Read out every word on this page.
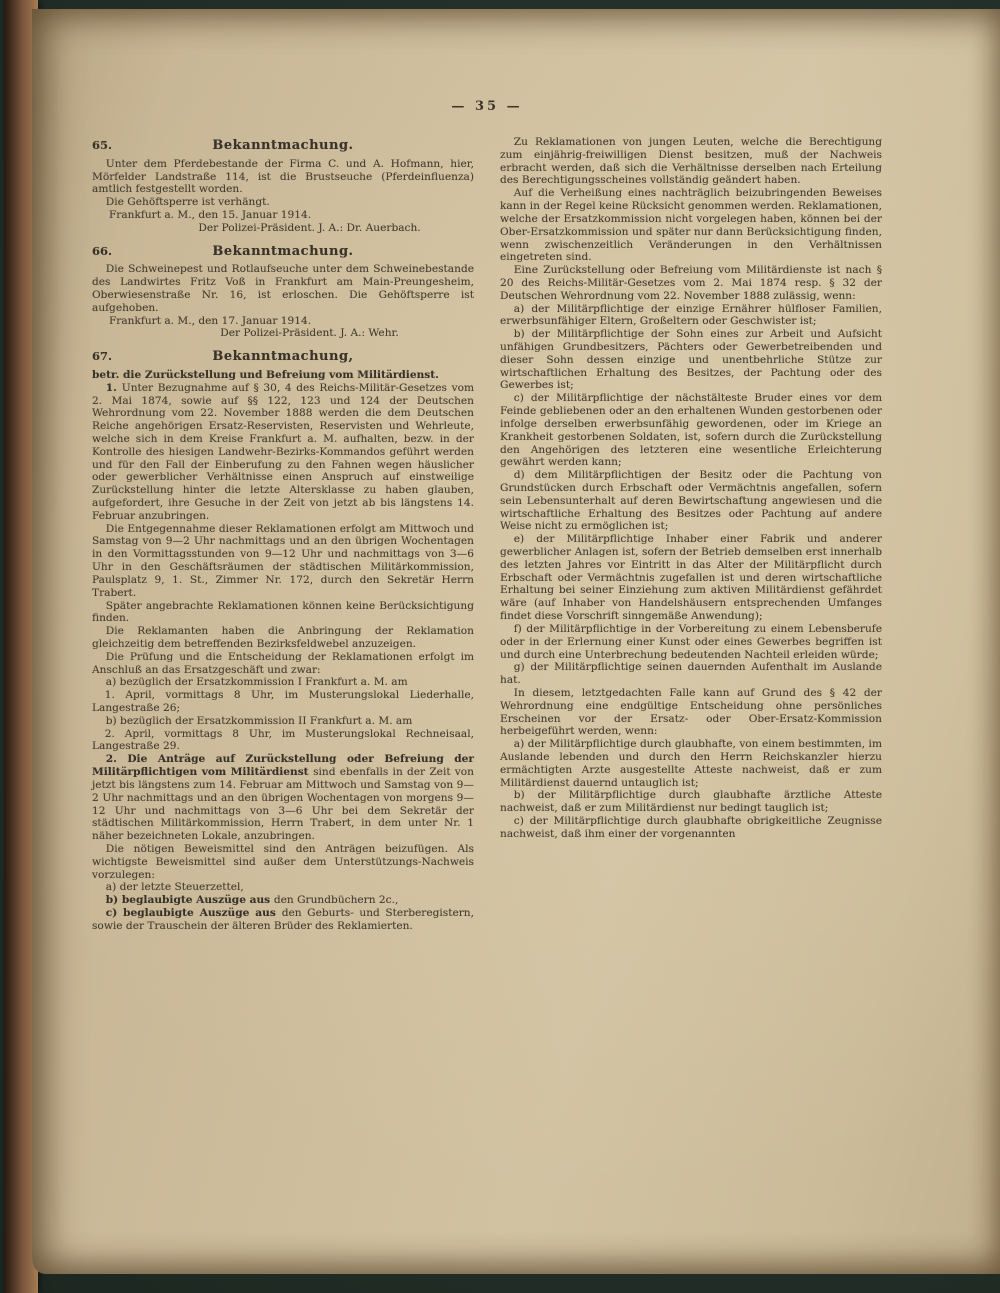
— 35 —
65.	Bekanntmachung.

Unter dem Pferdebestande der Firma C. und A. Hofmann, hier, Mörfelder Landstraße 114, ist die Brustseuche (Pferdeinfluenza) amtlich festgestellt worden.

Die Gehöftsperre ist verhängt.

Frankfurt a. M., den 15. Januar 1914.

Der Polizei-Präsident. J. A.: Dr. Auerbach.

66.	Bekanntmachung.

Die Schweinepest und Rotlaufseuche unter dem Schweinebestande des Landwirtes Fritz Voß in Frankfurt am Main-Preungesheim, Oberwiesenstraße Nr. 16, ist erloschen. Die Gehöftsperre ist aufgehoben.

Frankfurt a. M., den 17. Januar 1914.

Der Polizei-Präsident. J. A.: Wehr.

67.	Bekanntmachung,

betr. die Zurückstellung und Befreiung vom Militärdienst.

1. Unter Bezugnahme auf § 30, 4 des Reichs-Militär-Gesetzes vom 2. Mai 1874, sowie auf §§ 122, 123 und 124 der Deutschen Wehrordnung vom 22. November 1888 werden die dem Deutschen Reiche angehörigen Ersatz-Reservisten, Reservisten und Wehrleute, welche sich in dem Kreise Frankfurt a. M. aufhalten, bezw. in der Kontrolle des hiesigen Landwehr-Bezirks-Kommandos geführt werden und für den Fall der Einberufung zu den Fahnen wegen häuslicher oder gewerblicher Verhältnisse einen Anspruch auf einstweilige Zurückstellung hinter die letzte Altersklasse zu haben glauben, aufgefordert, ihre Gesuche in der Zeit von jetzt ab bis längstens 14. Februar anzubringen.

Die Entgegennahme dieser Reklamationen erfolgt am Mittwoch und Samstag von 9—2 Uhr nachmittags und an den übrigen Wochentagen in den Vormittagsstunden von 9—12 Uhr und nachmittags von 3—6 Uhr in den Geschäftsräumen der städtischen Militärkommission, Paulsplatz 9, 1. St., Zimmer Nr. 172, durch den Sekretär Herrn Trabert.

Später angebrachte Reklamationen können keine Berücksichtigung finden.

Die Reklamanten haben die Anbringung der Reklamation gleichzeitig dem betreffenden Bezirksfeldwebel anzuzeigen.

Die Prüfung und die Entscheidung der Reklamationen erfolgt im Anschluß an das Ersatzgeschäft und zwar:

a) bezüglich der Ersatzkommission I Frankfurt a. M. am

1. April, vormittags 8 Uhr, im Musterungslokal Liederhalle, Langestraße 26;

b) bezüglich der Ersatzkommission II Frankfurt a. M. am

2. April, vormittags 8 Uhr, im Musterungslokal Rechneisaal, Langestraße 29.

2. Die Anträge auf Zurückstellung oder Befreiung der Militärpflichtigen vom Militärdienst sind ebenfalls in der Zeit von jetzt bis längstens zum 14. Februar am Mittwoch und Samstag von 9—2 Uhr nachmittags und an den übrigen Wochentagen von morgens 9—12 Uhr und nachmittags von 3—6 Uhr bei dem Sekretär der städtischen Militärkommission, Herrn Trabert, in dem unter Nr. 1 näher bezeichneten Lokale, anzubringen.

Die nötigen Beweismittel sind den Anträgen beizufügen. Als wichtigste Beweismittel sind außer dem Unterstützungs-Nachweis vorzulegen:

a) der letzte Steuerzettel,

b) beglaubigte Auszüge aus den Grundbüchern 2c.,

c) beglaubigte Auszüge aus den Geburts- und Sterberegistern, sowie der Trauschein der älteren Brüder des Reklamierten.

Zu Reklamationen von jungen Leuten, welche die Berechtigung zum einjährig-freiwilligen Dienst besitzen, muß der Nachweis erbracht werden, daß sich die Verhältnisse derselben nach Erteilung des Berechtigungsscheines vollständig geändert haben.

Auf die Verheißung eines nachträglich beizubringenden Beweises kann in der Regel keine Rücksicht genommen werden. Reklamationen, welche der Ersatzkommission nicht vorgelegen haben, können bei der Ober-Ersatzkommission und später nur dann Berücksichtigung finden, wenn zwischenzeitlich Veränderungen in den Verhältnissen eingetreten sind.

Eine Zurückstellung oder Befreiung vom Militärdienste ist nach § 20 des Reichs-Militär-Gesetzes vom 2. Mai 1874 resp. § 32 der Deutschen Wehrordnung vom 22. November 1888 zulässig, wenn:

a) der Militärpflichtige der einzige Ernährer hülfloser Familien, erwerbsunfähiger Eltern, Großeltern oder Geschwister ist;

b) der Militärpflichtige der Sohn eines zur Arbeit und Aufsicht unfähigen Grundbesitzers, Pächters oder Gewerbetreibenden und dieser Sohn dessen einzige und unentbehrliche Stütze zur wirtschaftlichen Erhaltung des Besitzes, der Pachtung oder des Gewerbes ist;

c) der Militärpflichtige der nächstälteste Bruder eines vor dem Feinde gebliebenen oder an den erhaltenen Wunden gestorbenen oder infolge derselben erwerbsunfähig gewordenen, oder im Kriege an Krankheit gestorbenen Soldaten, ist, sofern durch die Zurückstellung den Angehörigen des letzteren eine wesentliche Erleichterung gewährt werden kann;

d) dem Militärpflichtigen der Besitz oder die Pachtung von Grundstücken durch Erbschaft oder Vermächtnis angefallen, sofern sein Lebensunterhalt auf deren Bewirtschaftung angewiesen und die wirtschaftliche Erhaltung des Besitzes oder Pachtung auf andere Weise nicht zu ermöglichen ist;

e) der Militärpflichtige Inhaber einer Fabrik und anderer gewerblicher Anlagen ist, sofern der Betrieb demselben erst innerhalb des letzten Jahres vor Eintritt in das Alter der Militärpflicht durch Erbschaft oder Vermächtnis zugefallen ist und deren wirtschaftliche Erhaltung bei seiner Einziehung zum aktiven Militärdienst gefährdet wäre (auf Inhaber von Handelshäusern entsprechenden Umfanges findet diese Vorschrift sinngemäße Anwendung);

f) der Militärpflichtige in der Vorbereitung zu einem Lebensberufe oder in der Erlernung einer Kunst oder eines Gewerbes begriffen ist und durch eine Unterbrechung bedeutenden Nachteil erleiden würde;

g) der Militärpflichtige seinen dauernden Aufenthalt im Auslande hat.

In diesem, letztgedachten Falle kann auf Grund des § 42 der Wehrordnung eine endgültige Entscheidung ohne persönliches Erscheinen vor der Ersatz- oder Ober-Ersatz-Kommission herbeigeführt werden, wenn:

a) der Militärpflichtige durch glaubhafte, von einem bestimmten, im Auslande lebenden und durch den Herrn Reichskanzler hierzu ermächtigten Arzte ausgestellte Atteste nachweist, daß er zum Militärdienst dauernd untauglich ist;

b) der Militärpflichtige durch glaubhafte ärztliche Atteste nachweist, daß er zum Militärdienst nur bedingt tauglich ist;

c) der Militärpflichtige durch glaubhafte obrigkeitliche Zeugnisse nachweist, daß ihm einer der vorgenannten
